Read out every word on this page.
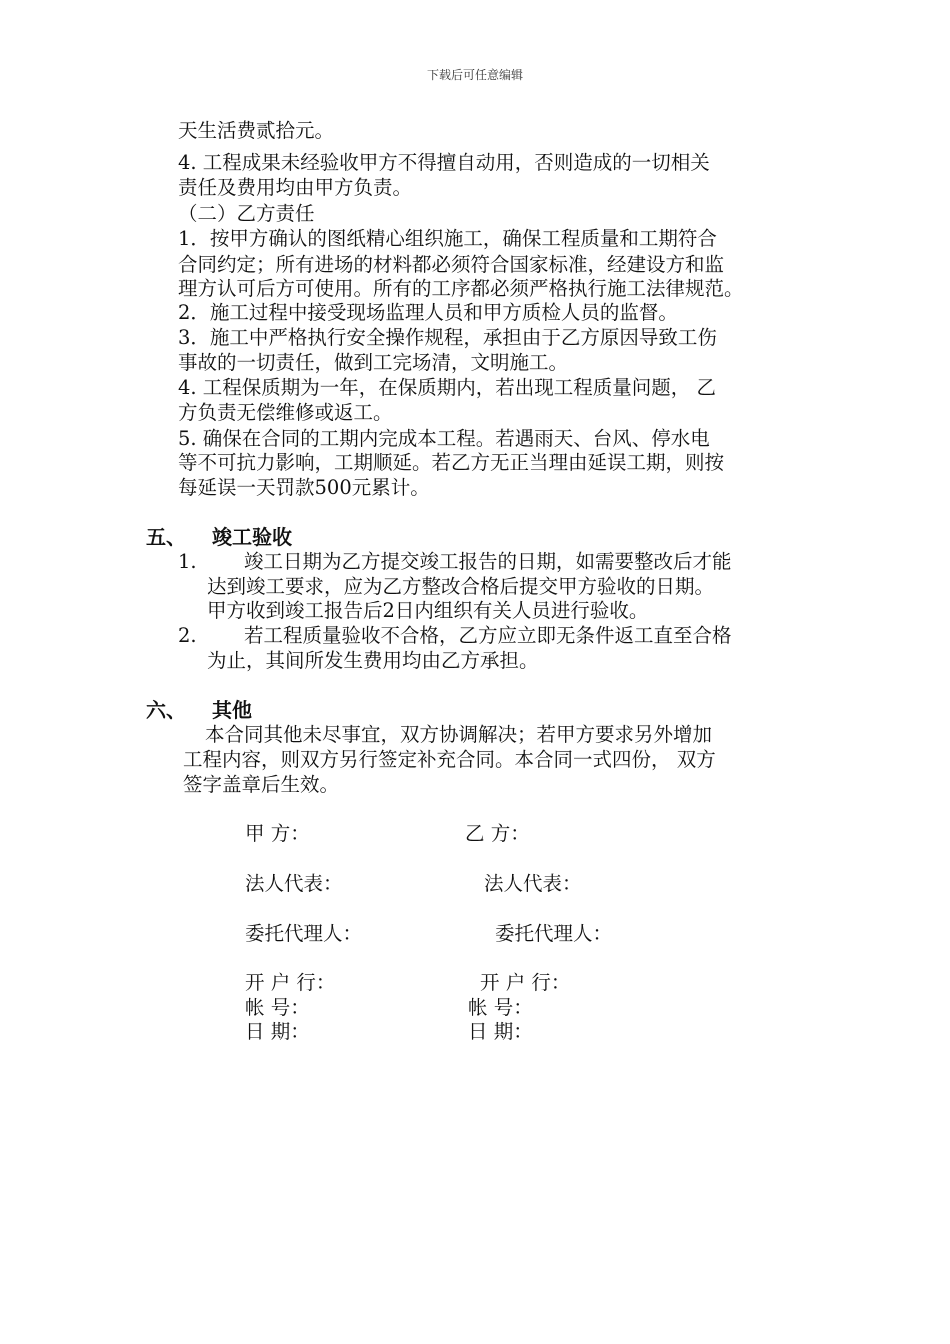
下载后可任意编辑
天生活费贰拾元。
4. 工程成果未经验收甲方不得擅自动用，否则造成的一切相关
责任及费用均由甲方负责。
（二）乙方责任
1．按甲方确认的图纸精心组织施工，确保工程质量和工期符合
合同约定；所有进场的材料都必须符合国家标准，经建设方和监
理方认可后方可使用。所有的工序都必须严格执行施工法律规范。
2．施工过程中接受现场监理人员和甲方质检人员的监督。
3．施工中严格执行安全操作规程，承担由于乙方原因导致工伤
事故的一切责任，做到工完场清，文明施工。
4. 工程保质期为一年，在保质期内，若出现工程质量问题， 乙
方负责无偿维修或返工。
5. 确保在合同的工期内完成本工程。若遇雨天、台风、停水电
等不可抗力影响，工期顺延。若乙方无正当理由延误工期，则按
每延误一天罚款500元累计。
五、 竣工验收
1. 竣工日期为乙方提交竣工报告的日期，如需要整改后才能
达到竣工要求，应为乙方整改合格后提交甲方验收的日期。
甲方收到竣工报告后2日内组织有关人员进行验收。
2. 若工程质量验收不合格，乙方应立即无条件返工直至合格
为止，其间所发生费用均由乙方承担。
六、 其他
本合同其他未尽事宜，双方协调解决；若甲方要求另外增加
工程内容，则双方另行签定补充合同。本合同一式四份， 双方
签字盖章后生效。
甲 方：	乙 方：
法人代表：	法人代表：
委托代理人：	委托代理人：
开 户 行：	开 户 行：
帐 号：	帐 号：
日 期：	日 期：
